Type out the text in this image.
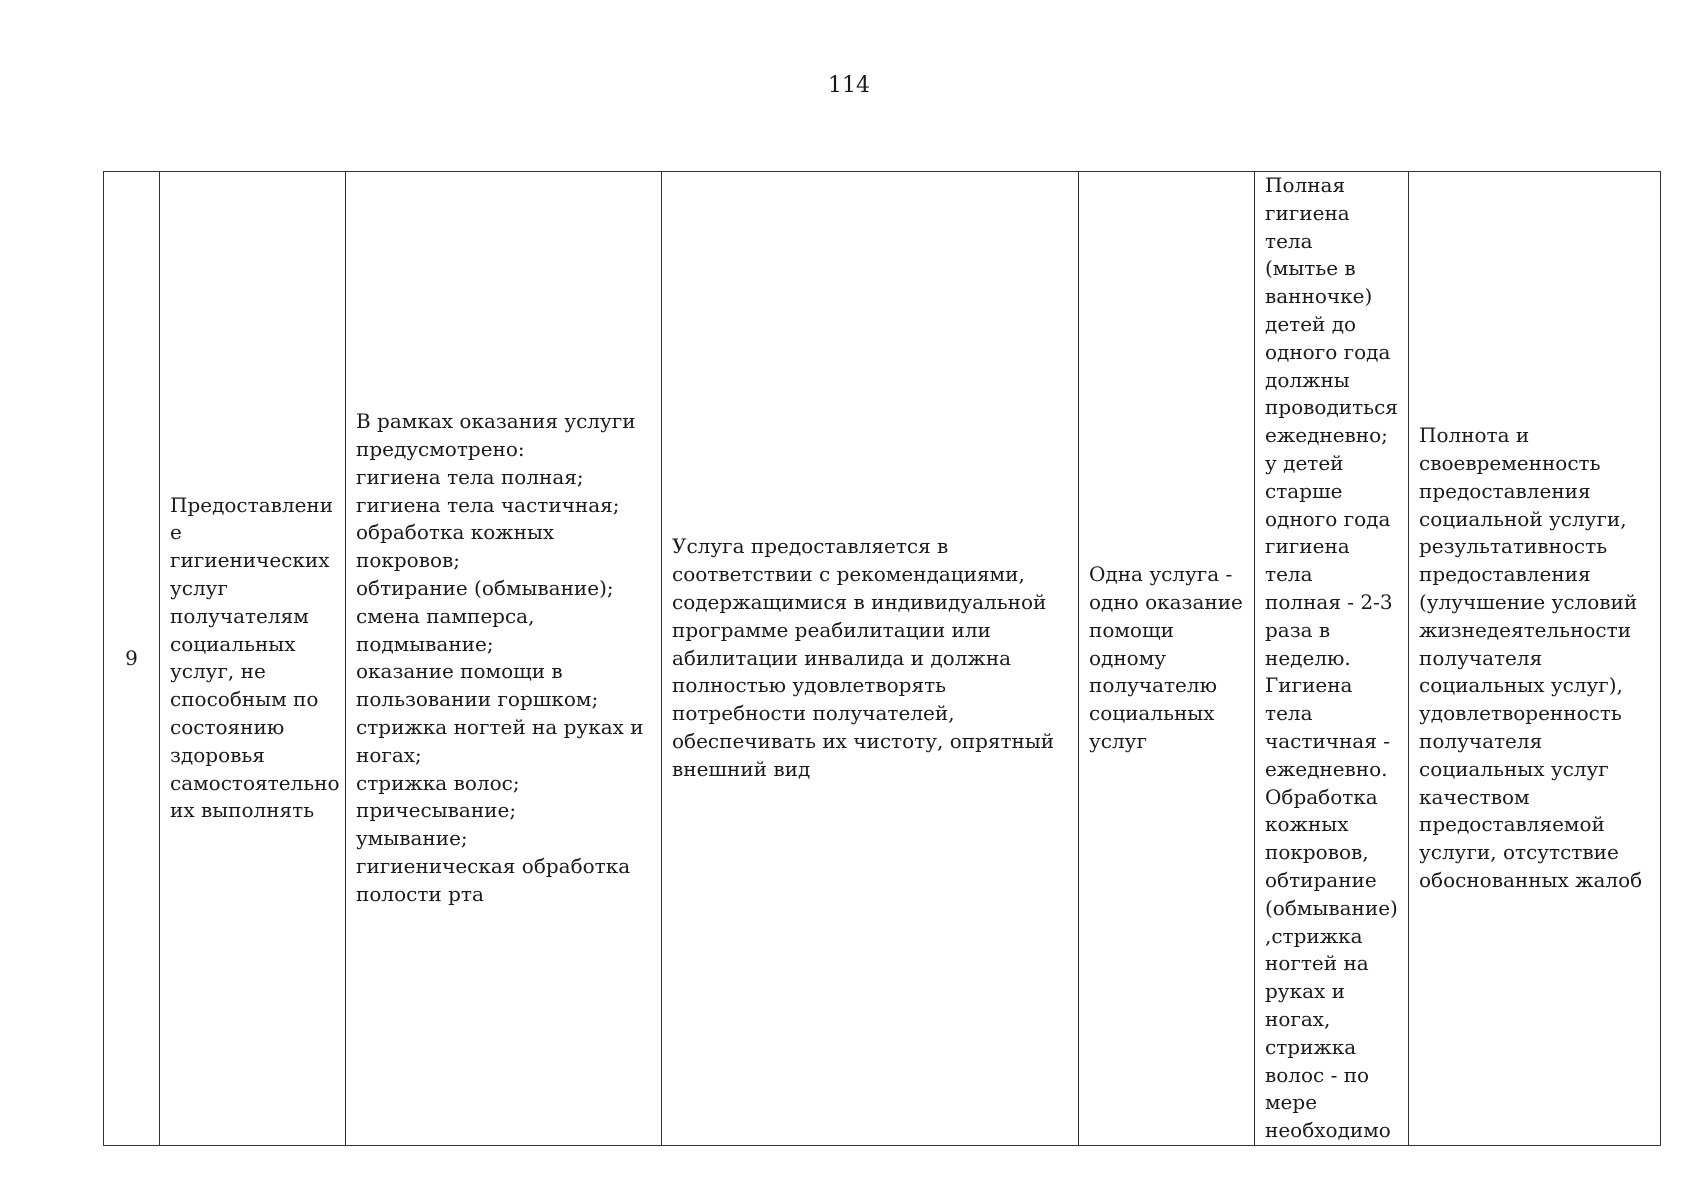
114
9	Предоставлени
е
гигиенических
услуг
получателям
социальных
услуг, не
способным по
состоянию
здоровья
самостоятельно
их выполнять	В рамках оказания услуги
предусмотрено:
гигиена тела полная;
гигиена тела частичная;
обработка кожных
покровов;
обтирание (обмывание);
смена памперса,
подмывание;
оказание помощи в
пользовании горшком;
стрижка ногтей на руках и
ногах;
стрижка волос;
причесывание;
умывание;
гигиеническая обработка
полости рта	Услуга предоставляется в
соответствии с рекомендациями,
содержащимися в индивидуальной
программе реабилитации или
абилитации инвалида и должна
полностью удовлетворять
потребности получателей,
обеспечивать их чистоту, опрятный
внешний вид	Одна услуга -
одно оказание
помощи
одному
получателю
социальных
услуг	Полная
гигиена тела
(мытье в
ванночке)
детей до
одного года
должны
проводиться
ежедневно;
у детей
старше
одного года
гигиена тела
полная - 2-3
раза в
неделю.
Гигиена
тела
частичная -
ежедневно.
Обработка
кожных
покровов,
обтирание
(обмывание)
,стрижка
ногтей на
руках и
ногах,
стрижка
волос - по
мере
необходимо	Полнота и
своевременность
предоставления
социальной услуги,
результативность
предоставления
(улучшение условий
жизнедеятельности
получателя
социальных услуг),
удовлетворенность
получателя
социальных услуг
качеством
предоставляемой
услуги, отсутствие
обоснованных жалоб
